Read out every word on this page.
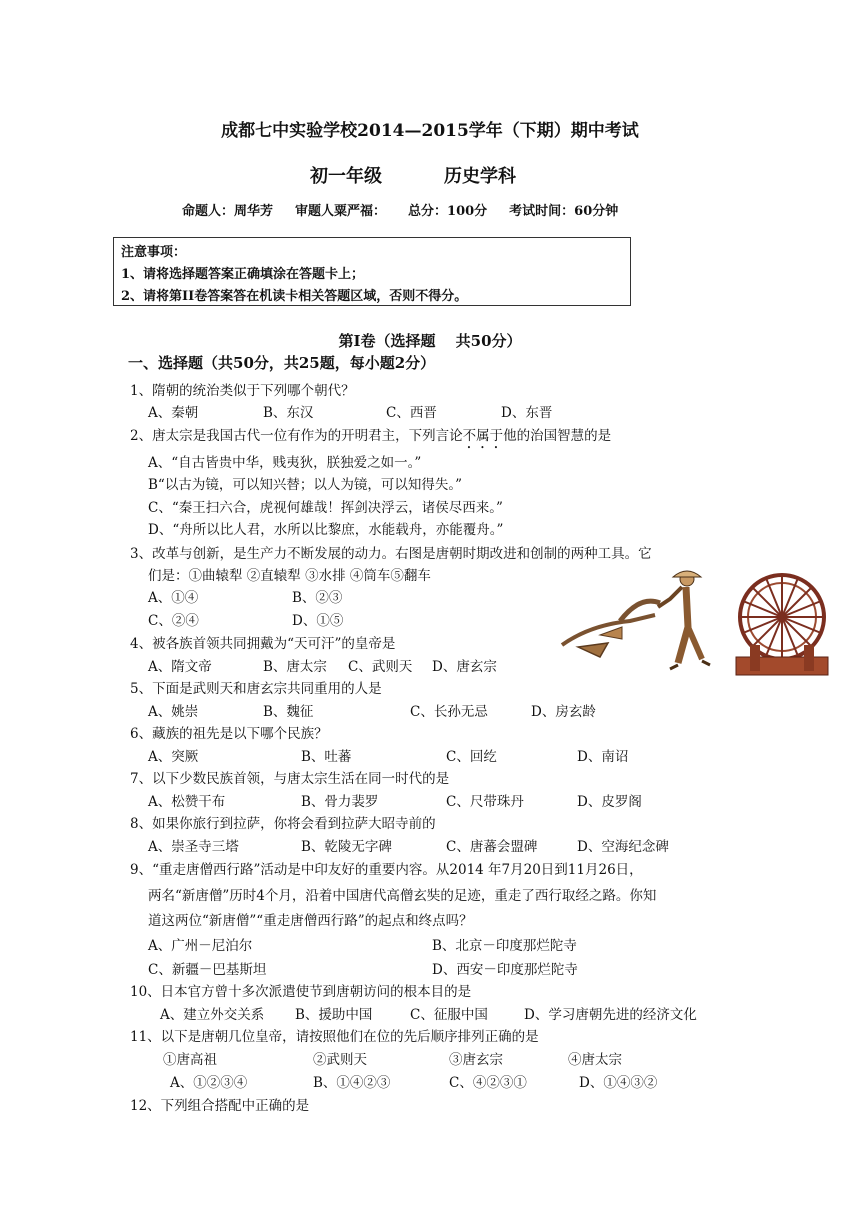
成都七中实验学校2014—2015学年（下期）期中考试
初一年级	历史学科
命题人：周华芳 审题人粟严福： 总分：100分 考试时间：60分钟
注意事项：
1、请将选择题答案正确填涂在答题卡上；
2、请将第II卷答案答在机读卡相关答题区域，否则不得分。
第Ⅰ卷（选择题　 共50分）
一、选择题（共50分，共25题，每小题2分）
1、隋朝的统治类似于下列哪个朝代？
A、秦朝	B、东汉	C、西晋	D、东晋
2、唐太宗是我国古代一位有作为的开明君主，下列言论不属于他的治国智慧的是
A、“自古皆贵中华，贱夷狄，朕独爱之如一。”
B“以古为镜，可以知兴替；以人为镜，可以知得失。”
C、“秦王扫六合，虎视何雄哉！挥剑决浮云，诸侯尽西来。”
D、“舟所以比人君，水所以比黎庶，水能载舟，亦能覆舟。”
3、改革与创新，是生产力不断发展的动力。右图是唐朝时期改进和创制的两种工具。它
们是：①曲辕犁 ②直辕犁 ③水排 ④筒车⑤翻车
A、①④	B、②③
C、②④	D、①⑤
4、被各族首领共同拥戴为“天可汗”的皇帝是
A、隋文帝	B、唐太宗 C、武则天 D、唐玄宗
5、下面是武则天和唐玄宗共同重用的人是
A、姚崇	B、魏征	C、长孙无忌	D、房玄龄
6、藏族的祖先是以下哪个民族？
A、突厥	B、吐蕃	C、回纥	D、南诏
7、以下少数民族首领，与唐太宗生活在同一时代的是
A、松赞干布	B、骨力裴罗	C、尺带珠丹	D、皮罗阁
8、如果你旅行到拉萨，你将会看到拉萨大昭寺前的
A、崇圣寺三塔	B、乾陵无字碑	C、唐蕃会盟碑	D、空海纪念碑
9、“重走唐僧西行路”活动是中印友好的重要内容。从2014 年7月20日到11月26日，
两名“新唐僧”历时4个月，沿着中国唐代高僧玄奘的足迹，重走了西行取经之路。你知
道这两位“新唐僧”“重走唐僧西行路”的起点和终点吗？
A、广州－尼泊尔	B、北京－印度那烂陀寺
C、新疆－巴基斯坦	D、西安－印度那烂陀寺
10、日本官方曾十多次派遣使节到唐朝访问的根本目的是
A、建立外交关系 B、援助中国	C、征服中国	D、学习唐朝先进的经济文化
11、以下是唐朝几位皇帝，请按照他们在位的先后顺序排列正确的是
①唐高祖	②武则天	③唐玄宗	④唐太宗
A、①②③④	B、①④②③	C、④②③①	D、①④③②
12、下列组合搭配中正确的是
